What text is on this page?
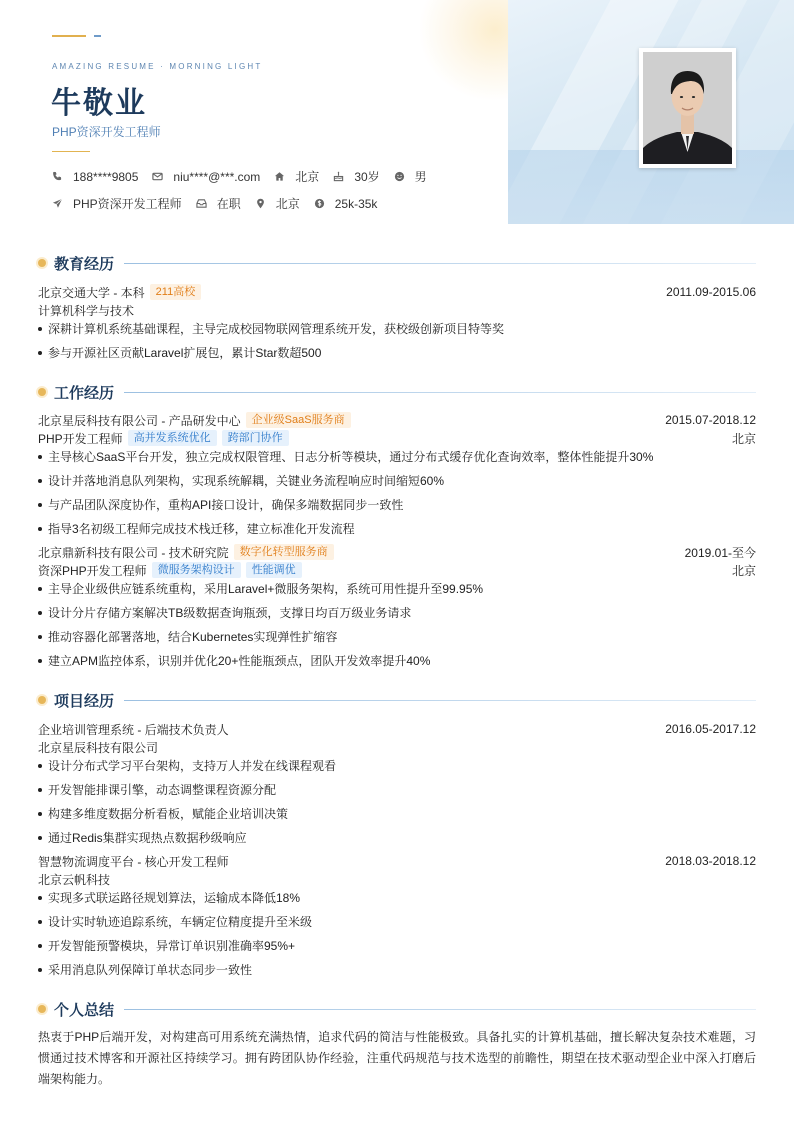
AMAZING RESUME · MORNING LIGHT
牛敬业
PHP资深开发工程师
188****9805	niu****@***.com	北京	30岁	男
PHP资深开发工程师	在职	北京	25k-35k
教育经历
北京交通大学 - 本科	211高校	2011.09-2015.06
计算机科学与技术
深耕计算机系统基础课程，主导完成校园物联网管理系统开发，获校级创新项目特等奖
参与开源社区贡献Laravel扩展包，累计Star数超500
工作经历
北京星辰科技有限公司 - 产品研发中心	企业级SaaS服务商	2015.07-2018.12
PHP开发工程师	高并发系统优化	跨部门协作	北京
主导核心SaaS平台开发，独立完成权限管理、日志分析等模块，通过分布式缓存优化查询效率，整体性能提升30%
设计并落地消息队列架构，实现系统解耦，关键业务流程响应时间缩短60%
与产品团队深度协作，重构API接口设计，确保多端数据同步一致性
指导3名初级工程师完成技术栈迁移，建立标准化开发流程
北京鼎新科技有限公司 - 技术研究院	数字化转型服务商	2019.01-至今
资深PHP开发工程师	微服务架构设计	性能调优	北京
主导企业级供应链系统重构，采用Laravel+微服务架构，系统可用性提升至99.95%
设计分片存储方案解决TB级数据查询瓶颈，支撑日均百万级业务请求
推动容器化部署落地，结合Kubernetes实现弹性扩缩容
建立APM监控体系，识别并优化20+性能瓶颈点，团队开发效率提升40%
项目经历
企业培训管理系统 - 后端技术负责人	2016.05-2017.12
北京星辰科技有限公司
设计分布式学习平台架构，支持万人并发在线课程观看
开发智能排课引擎，动态调整课程资源分配
构建多维度数据分析看板，赋能企业培训决策
通过Redis集群实现热点数据秒级响应
智慧物流调度平台 - 核心开发工程师	2018.03-2018.12
北京云帆科技
实现多式联运路径规划算法，运输成本降低18%
设计实时轨迹追踪系统，车辆定位精度提升至米级
开发智能预警模块，异常订单识别准确率95%+
采用消息队列保障订单状态同步一致性
个人总结
热衷于PHP后端开发，对构建高可用系统充满热情，追求代码的简洁与性能极致。具备扎实的计算机基础，擅长解决复杂技术难题，习惯通过技术博客和开源社区持续学习。拥有跨团队协作经验，注重代码规范与技术选型的前瞻性，期望在技术驱动型企业中深入打磨后端架构能力。
